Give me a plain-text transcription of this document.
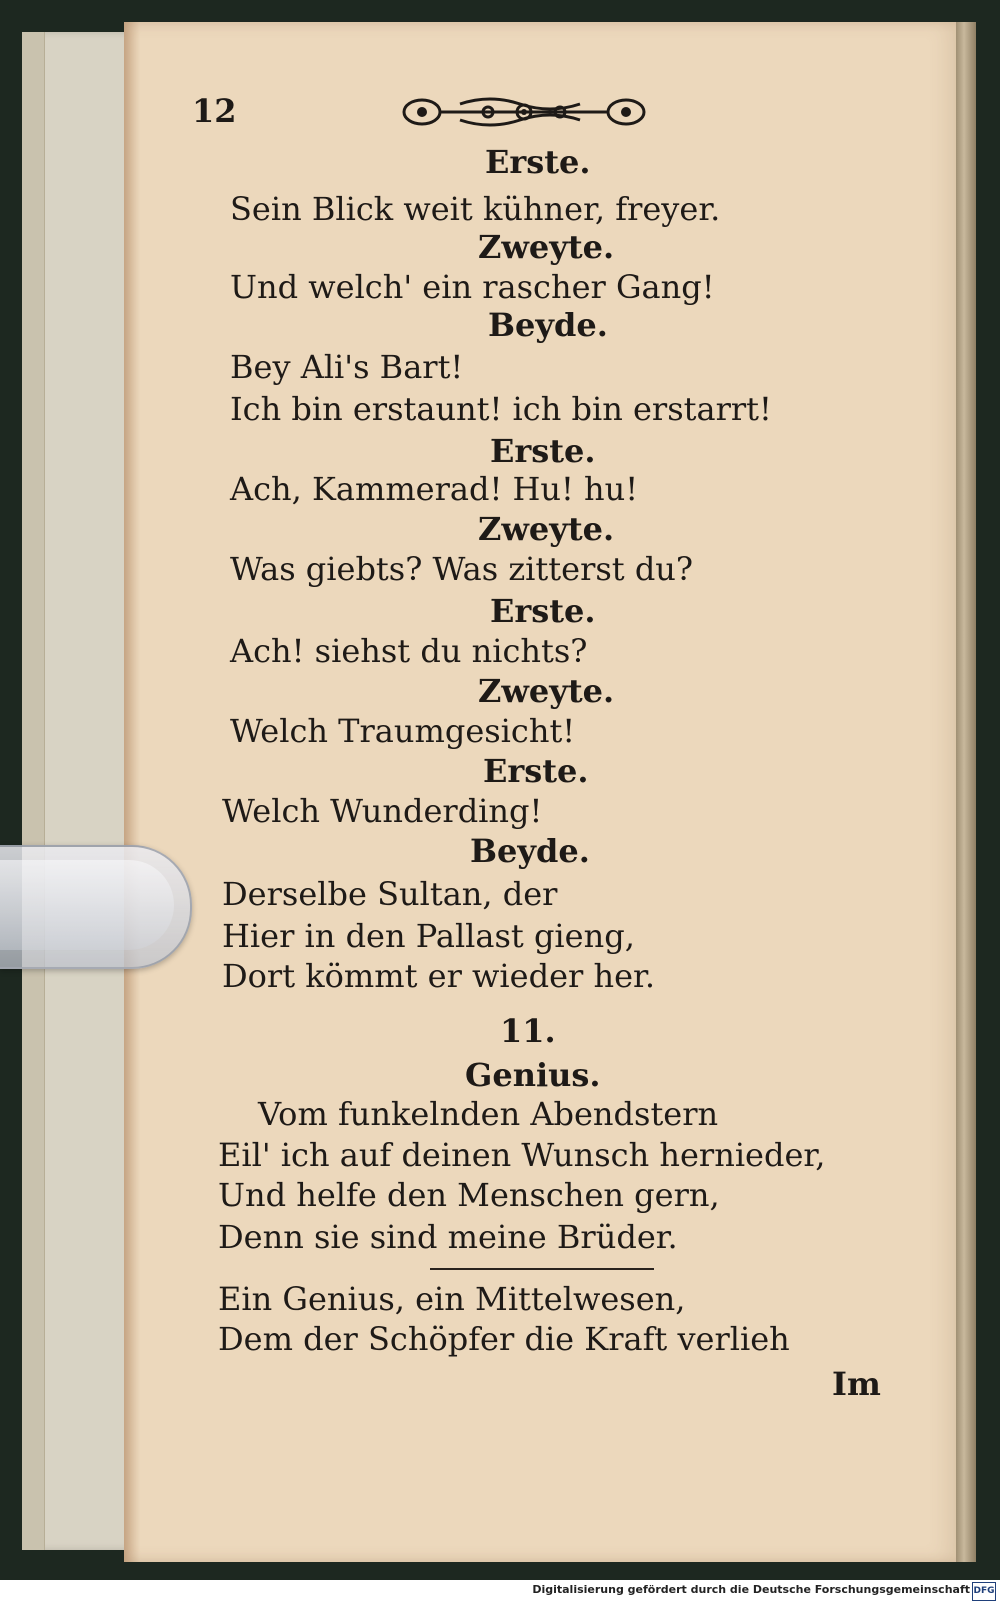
12
Erste.
Sein Blick weit kühner, freyer.
Zweyte.
Und welch' ein rascher Gang!
Beyde.
Bey Ali's Bart!
Ich bin erstaunt! ich bin erstarrt!
Erste.
Ach, Kammerad! Hu! hu!
Zweyte.
Was giebts? Was zitterst du?
Erste.
Ach! siehst du nichts?
Zweyte.
Welch Traumgesicht!
Erste.
Welch Wunderding!
Beyde.
Derselbe Sultan, der
Hier in den Pallast gieng,
Dort kömmt er wieder her.
11.
Genius.
Vom funkelnden Abendstern
Eil' ich auf deinen Wunsch hernieder,
Und helfe den Menschen gern,
Denn sie sind meine Brüder.
Ein Genius, ein Mittelwesen,
Dem der Schöpfer die Kraft verlieh
Im
Digitalisierung gefördert durch die Deutsche Forschungsgemeinschaft DFG
